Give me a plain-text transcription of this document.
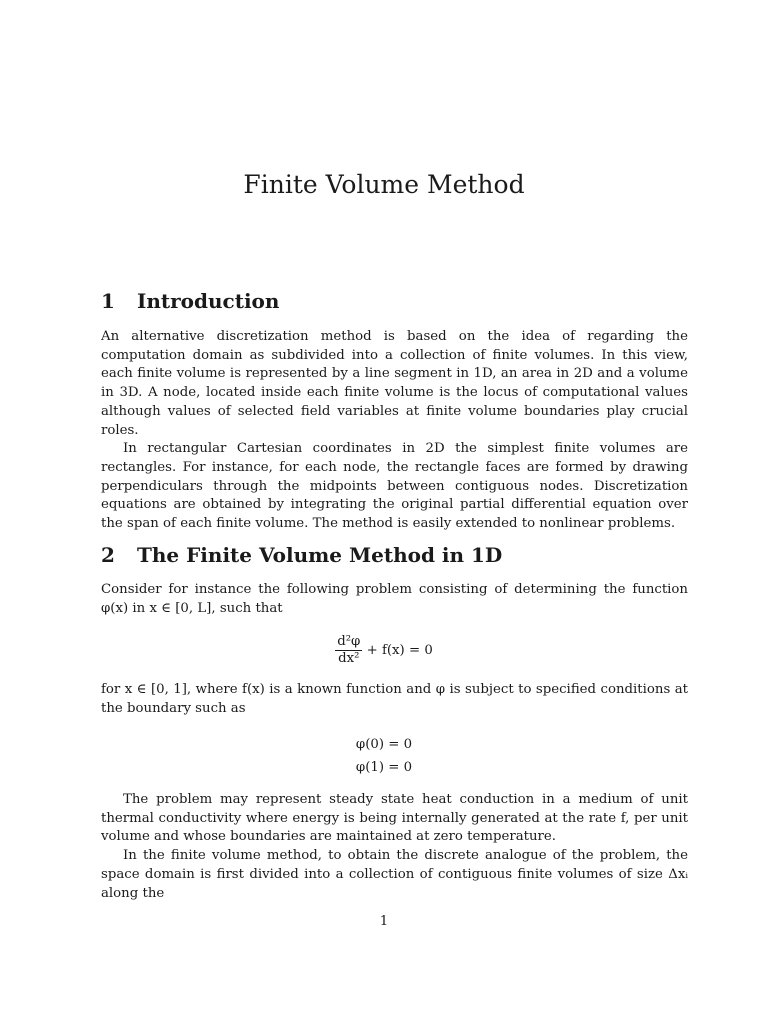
Finite Volume Method
1 Introduction

An alternative discretization method is based on the idea of regarding the computation domain as subdivided into a collection of finite volumes. In this view, each finite volume is represented by a line segment in 1D, an area in 2D and a volume in 3D. A node, located inside each finite volume is the locus of computational values although values of selected field variables at finite volume boundaries play crucial roles.

In rectangular Cartesian coordinates in 2D the simplest finite volumes are rectangles. For instance, for each node, the rectangle faces are formed by drawing perpendiculars through the midpoints between contiguous nodes. Discretization equations are obtained by integrating the original partial differential equation over the span of each finite volume. The method is easily extended to nonlinear problems.

2 The Finite Volume Method in 1D

Consider for instance the following problem consisting of determining the function φ(x) in x ∈ [0, L], such that

$\frac{\text{d²φ}}{\text{dx²}} + f(x) = 0$

for x ∈ [0, 1], where f(x) is a known function and φ is subject to specified conditions at the boundary such as

φ(0) = 0
φ(1) = 0

The problem may represent steady state heat conduction in a medium of unit thermal conductivity where energy is being internally generated at the rate f, per unit volume and whose boundaries are maintained at zero temperature.

In the finite volume method, to obtain the discrete analogue of the problem, the space domain is first divided into a collection of contiguous finite volumes of size Δxᵢ along the

1
